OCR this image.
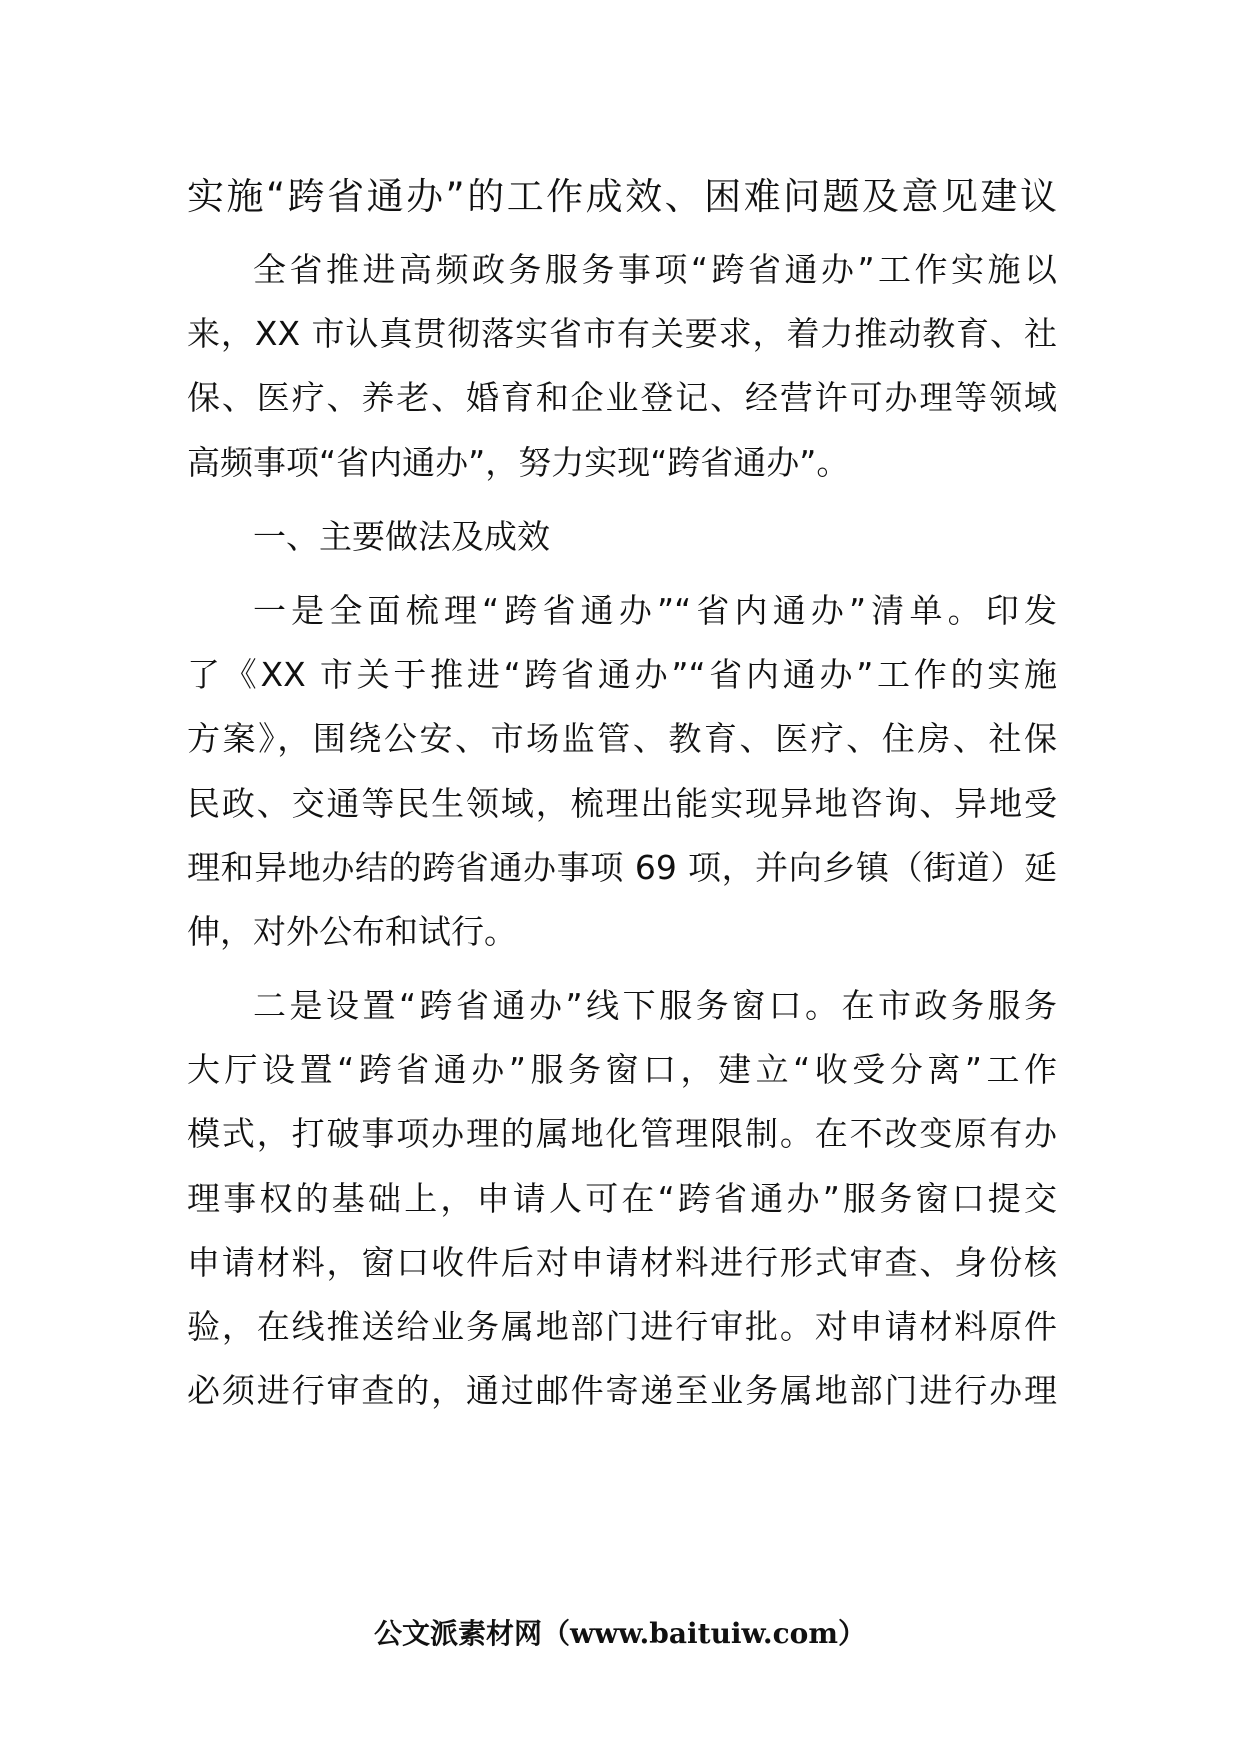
实施“跨省通办”的工作成效、困难问题及意见建议
全省推进高频政务服务事项“跨省通办”工作实施以
来，XX 市认真贯彻落实省市有关要求，着力推动教育、社
保、医疗、养老、婚育和企业登记、经营许可办理等领域
高频事项“省内通办”，努力实现“跨省通办”。
一、主要做法及成效
一是全面梳理“跨省通办”“省内通办”清单。印发
了《XX 市关于推进“跨省通办”“省内通办”工作的实施
方案》，围绕公安、市场监管、教育、医疗、住房、社保
民政、交通等民生领域，梳理出能实现异地咨询、异地受
理和异地办结的跨省通办事项 69 项，并向乡镇（街道）延
伸，对外公布和试行。
二是设置“跨省通办”线下服务窗口。在市政务服务
大厅设置“跨省通办”服务窗口，建立“收受分离”工作
模式，打破事项办理的属地化管理限制。在不改变原有办
理事权的基础上，申请人可在“跨省通办”服务窗口提交
申请材料，窗口收件后对申请材料进行形式审查、身份核
验，在线推送给业务属地部门进行审批。对申请材料原件
必须进行审查的，通过邮件寄递至业务属地部门进行办理
公文派素材网（www.baituiw.com）
